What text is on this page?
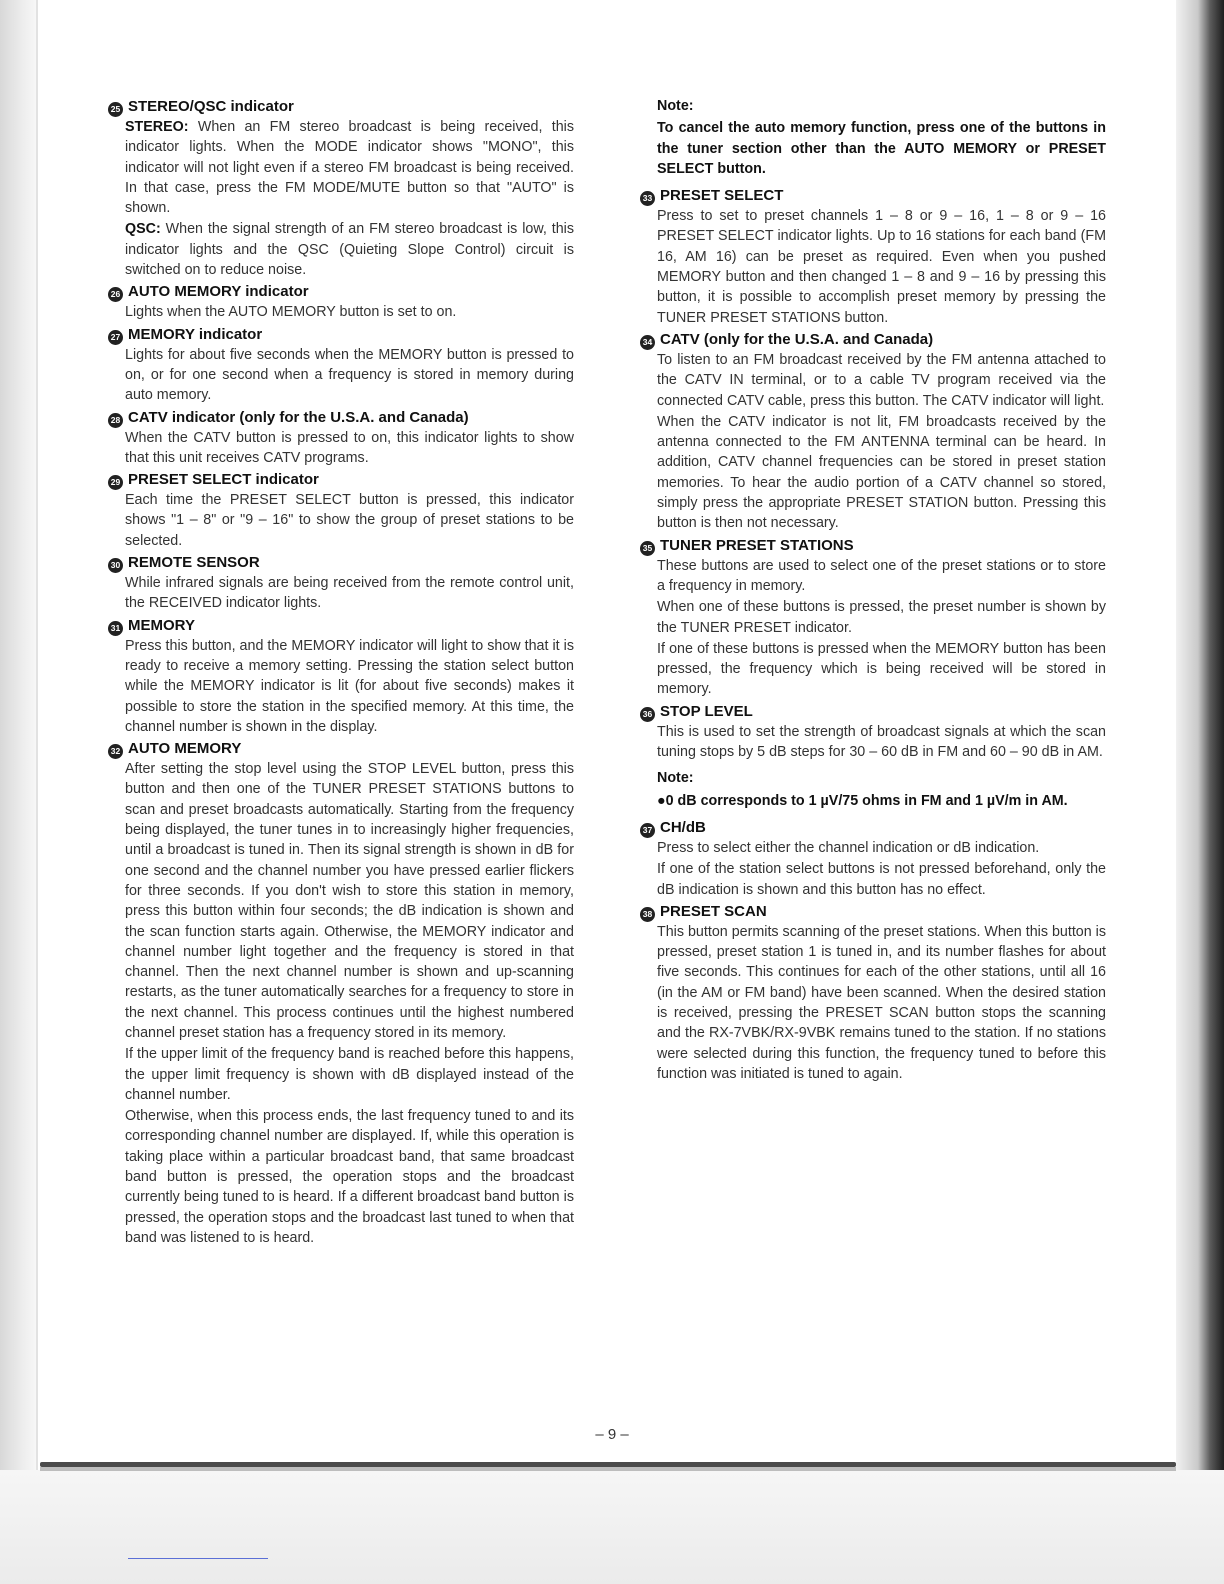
25 STEREO/QSC indicator

STEREO: When an FM stereo broadcast is being received, this indicator lights. When the MODE indicator shows "MONO", this indicator will not light even if a stereo FM broadcast is being received. In that case, press the FM MODE/MUTE button so that "AUTO" is shown.

QSC: When the signal strength of an FM stereo broadcast is low, this indicator lights and the QSC (Quieting Slope Control) circuit is switched on to reduce noise.

26 AUTO MEMORY indicator

Lights when the AUTO MEMORY button is set to on.

27 MEMORY indicator

Lights for about five seconds when the MEMORY button is pressed to on, or for one second when a frequency is stored in memory during auto memory.

28 CATV indicator (only for the U.S.A. and Canada)

When the CATV button is pressed to on, this indicator lights to show that this unit receives CATV programs.

29 PRESET SELECT indicator

Each time the PRESET SELECT button is pressed, this indicator shows "1 – 8" or "9 – 16" to show the group of preset stations to be selected.

30 REMOTE SENSOR

While infrared signals are being received from the remote control unit, the RECEIVED indicator lights.

31 MEMORY

Press this button, and the MEMORY indicator will light to show that it is ready to receive a memory setting. Pressing the station select button while the MEMORY indicator is lit (for about five seconds) makes it possible to store the station in the specified memory. At this time, the channel number is shown in the display.

32 AUTO MEMORY

After setting the stop level using the STOP LEVEL button, press this button and then one of the TUNER PRESET STATIONS buttons to scan and preset broadcasts automatically. Starting from the frequency being displayed, the tuner tunes in to increasingly higher frequencies, until a broadcast is tuned in. Then its signal strength is shown in dB for one second and the channel number you have pressed earlier flickers for three seconds. If you don't wish to store this station in memory, press this button within four seconds; the dB indication is shown and the scan function starts again. Otherwise, the MEMORY indicator and channel number light together and the frequency is stored in that channel. Then the next channel number is shown and up-scanning restarts, as the tuner automatically searches for a frequency to store in the next channel. This process continues until the highest numbered channel preset station has a frequency stored in its memory.

If the upper limit of the frequency band is reached before this happens, the upper limit frequency is shown with dB displayed instead of the channel number.

Otherwise, when this process ends, the last frequency tuned to and its corresponding channel number are displayed. If, while this operation is taking place within a particular broadcast band, that same broadcast band button is pressed, the operation stops and the broadcast currently being tuned to is heard. If a different broadcast band button is pressed, the operation stops and the broadcast last tuned to when that band was listened to is heard.

Note:
To cancel the auto memory function, press one of the buttons in the tuner section other than the AUTO MEMORY or PRESET SELECT button.
33 PRESET SELECT

Press to set to preset channels 1 – 8 or 9 – 16, 1 – 8 or 9 – 16 PRESET SELECT indicator lights. Up to 16 stations for each band (FM 16, AM 16) can be preset as required. Even when you pushed MEMORY button and then changed 1 – 8 and 9 – 16 by pressing this button, it is possible to accomplish preset memory by pressing the TUNER PRESET STATIONS button.

34 CATV (only for the U.S.A. and Canada)

To listen to an FM broadcast received by the FM antenna attached to the CATV IN terminal, or to a cable TV program received via the connected CATV cable, press this button. The CATV indicator will light.

When the CATV indicator is not lit, FM broadcasts received by the antenna connected to the FM ANTENNA terminal can be heard. In addition, CATV channel frequencies can be stored in preset station memories. To hear the audio portion of a CATV channel so stored, simply press the appropriate PRESET STATION button. Pressing this button is then not necessary.

35 TUNER PRESET STATIONS

These buttons are used to select one of the preset stations or to store a frequency in memory.

When one of these buttons is pressed, the preset number is shown by the TUNER PRESET indicator.

If one of these buttons is pressed when the MEMORY button has been pressed, the frequency which is being received will be stored in memory.

36 STOP LEVEL

This is used to set the strength of broadcast signals at which the scan tuning stops by 5 dB steps for 30 – 60 dB in FM and 60 – 90 dB in AM.

Note:
●0 dB corresponds to 1 µV/75 ohms in FM and 1 µV/m in AM.
37 CH/dB

Press to select either the channel indication or dB indication.

If one of the station select buttons is not pressed beforehand, only the dB indication is shown and this button has no effect.

38 PRESET SCAN

This button permits scanning of the preset stations. When this button is pressed, preset station 1 is tuned in, and its number flashes for about five seconds. This continues for each of the other stations, until all 16 (in the AM or FM band) have been scanned. When the desired station is received, pressing the PRESET SCAN button stops the scanning and the RX-7VBK/RX-9VBK remains tuned to the station. If no stations were selected during this function, the frequency tuned to before this function was initiated is tuned to again.

– 9 –
